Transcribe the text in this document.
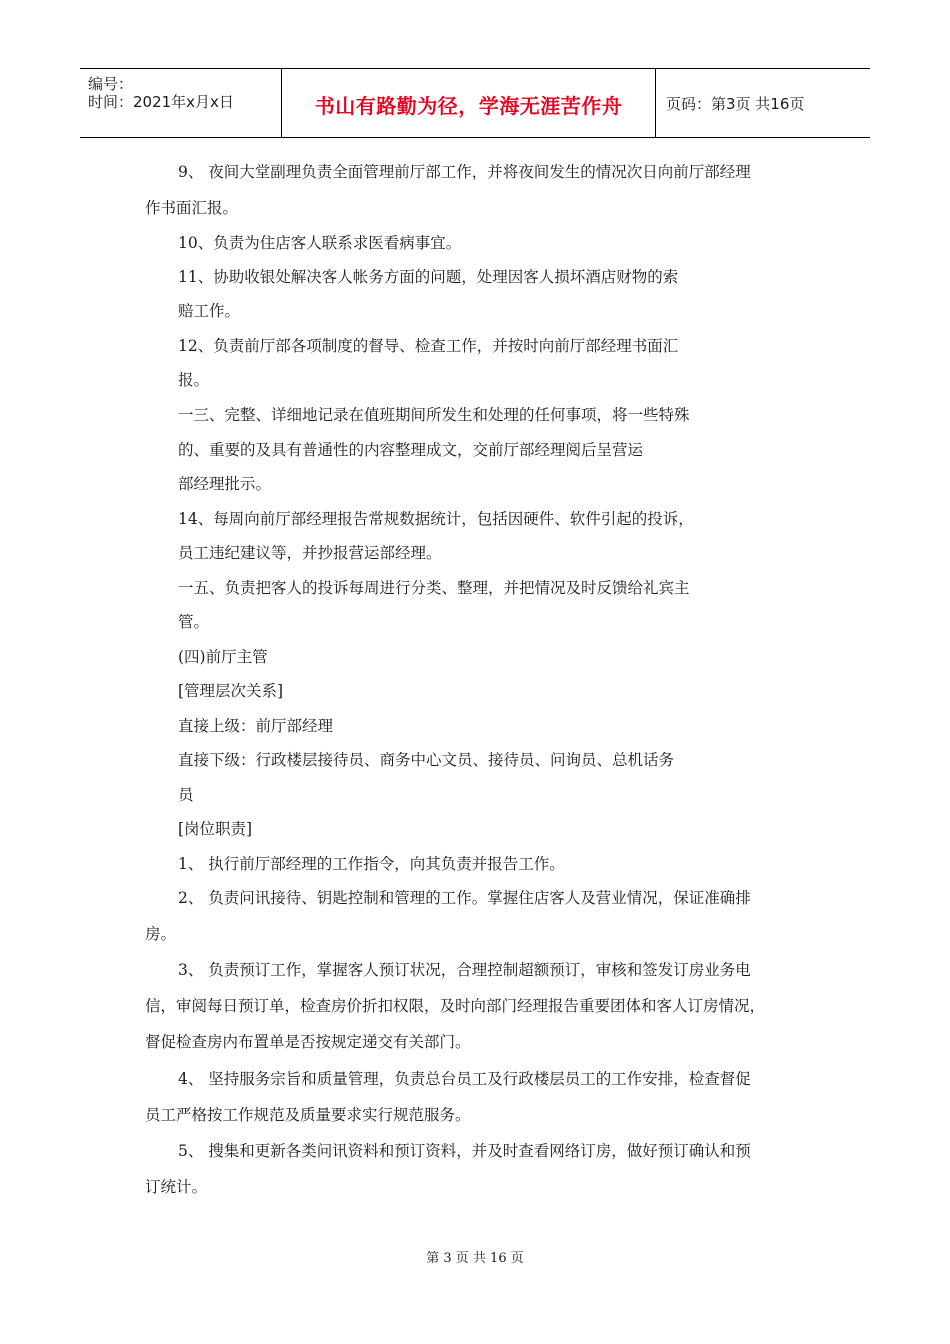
编号：
时间：2021年x月x日	书山有路勤为径，学海无涯苦作舟	页码：第3页 共16页
9、 夜间大堂副理负责全面管理前厅部工作，并将夜间发生的情况次日向前厅部经理
作书面汇报。
10、负责为住店客人联系求医看病事宜。
11、协助收银处解决客人帐务方面的问题，处理因客人损坏酒店财物的索
赔工作。
12、负责前厅部各项制度的督导、检查工作，并按时向前厅部经理书面汇
报。
一三、完整、详细地记录在值班期间所发生和处理的任何事项，将一些特殊
的、重要的及具有普通性的内容整理成文，交前厅部经理阅后呈营运
部经理批示。
14、每周向前厅部经理报告常规数据统计，包括因硬件、软件引起的投诉，
员工违纪建议等，并抄报营运部经理。
一五、负责把客人的投诉每周进行分类、整理，并把情况及时反馈给礼宾主
管。
(四)前厅主管
[管理层次关系]
直接上级：前厅部经理
直接下级：行政楼层接待员、商务中心文员、接待员、问询员、总机话务
员
[岗位职责]
1、 执行前厅部经理的工作指令，向其负责并报告工作。
2、 负责问讯接待、钥匙控制和管理的工作。掌握住店客人及营业情况，保证准确排
房。
3、 负责预订工作，掌握客人预订状况，合理控制超额预订，审核和签发订房业务电
信，审阅每日预订单，检查房价折扣权限，及时向部门经理报告重要团体和客人订房情况，
督促检查房内布置单是否按规定递交有关部门。
4、 坚持服务宗旨和质量管理，负责总台员工及行政楼层员工的工作安排，检查督促
员工严格按工作规范及质量要求实行规范服务。
5、 搜集和更新各类问讯资料和预订资料，并及时查看网络订房，做好预订确认和预
订统计。
第 3 页 共 16 页
